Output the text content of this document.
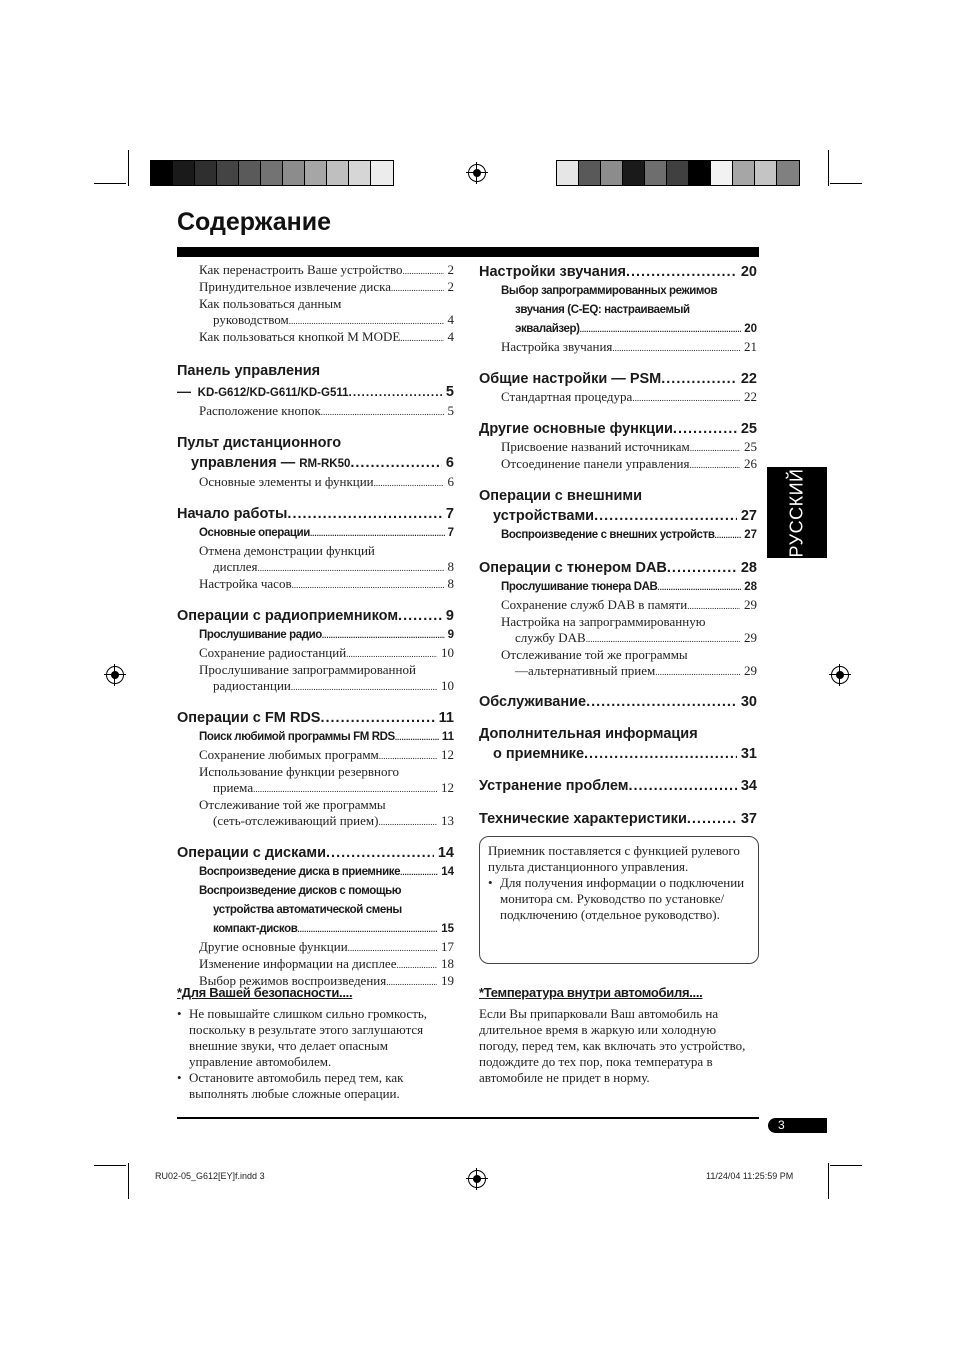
Содержание
Как перенастроить Ваше устройство .....	2
Принудительное извлечение диска .....	2
Как пользоваться данным
руководством .....	4
Как пользоваться кнопкой M MODE .....	4
Панель управления
— KD-G612/KD-G611/KD-G511 .....	5
Расположение кнопок .....	5
Пульт дистанционного
управления — RM-RK50 .....	6
Основные элементы и функции .....	6
Начало работы .....	7
Основные операции .....	7
Отмена демонстрации функций
дисплея .....	8
Настройка часов .....	8
Операции с радиоприемником .....	9
Прослушивание радио .....	9
Сохранение радиостанций .....	10
Прослушивание запрограммированной
радиостанции .....	10
Операции с FM RDS .....	11
Поиск любимой программы FM RDS .....	11
Сохранение любимых программ .....	12
Использование функции резервного
приема .....	12
Отслеживание той же программы
(сеть-отслеживающий прием) .....	13
Операции с дисками .....	14
Воспроизведение диска в приемнике .....	14
Воспроизведение дисков с помощью
устройства автоматической смены
компакт-дисков .....	15
Другие основные функции .....	17
Изменение информации на дисплее .....	18
Выбор режимов воспроизведения .....	19
Настройки звучания .....	20
Выбор запрограммированных режимов
звучания (C-EQ: настраиваемый
эквалайзер) .....	20
Настройка звучания .....	21
Общие настройки — PSM .....	22
Стандартная процедура .....	22
Другие основные функции .....	25
Присвоение названий источникам .....	25
Отсоединение панели управления .....	26
Операции с внешними
устройствами .....	27
Воспроизведение с внешних устройств .....	27
Операции с тюнером DAB .....	28
Прослушивание тюнера DAB .....	28
Сохранение служб DAB в памяти .....	29
Настройка на запрограммированную
службу DAB .....	29
Отслеживание той же программы
—альтернативный прием .....	29
Обслуживание .....	30
Дополнительная информация
о приемнике .....	31
Устранение проблем .....	34
Технические характеристики .....	37
Приемник поставляется с функцией рулевого пульта дистанционного управления.
• Для получения информации о подключении монитора см. Руководство по установке/подключению (отдельное руководство).
*Для Вашей безопасности....
• Не повышайте слишком сильно громкость, поскольку в результате этого заглушаются внешние звуки, что делает опасным управление автомобилем.
• Остановите автомобиль перед тем, как выполнять любые сложные операции.
*Температура внутри автомобиля....
Если Вы припарковали Ваш автомобиль на длительное время в жаркую или холодную погоду, перед тем, как включать это устройство, подождите до тех пор, пока температура в автомобиле не придет в норму.
РУССКИЙ
3
RU02-05_G612[EY]f.indd 3	11/24/04 11:25:59 PM
